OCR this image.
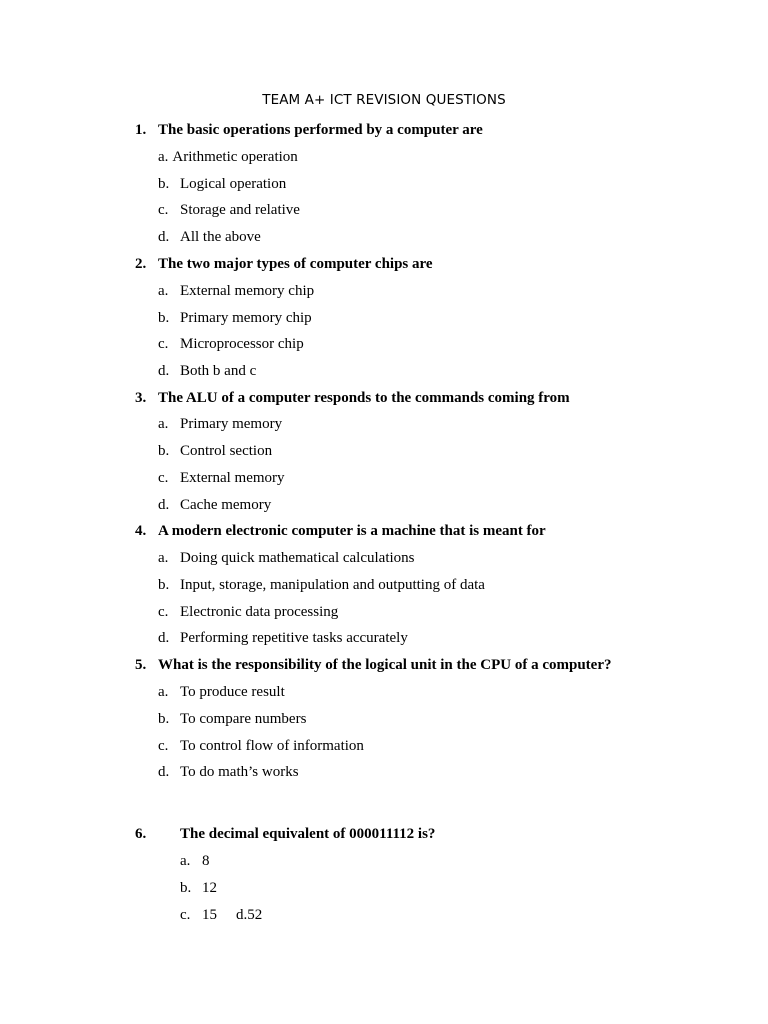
TEAM A+ ICT REVISION QUESTIONS
1. The basic operations performed by a computer are
a. Arithmetic operation
b. Logical operation
c. Storage and relative
d. All the above
2. The two major types of computer chips are
a. External memory chip
b. Primary memory chip
c. Microprocessor chip
d. Both b and c
3. The ALU of a computer responds to the commands coming from
a. Primary memory
b. Control section
c. External memory
d. Cache memory
4. A modern electronic computer is a machine that is meant for
a. Doing quick mathematical calculations
b. Input, storage, manipulation and outputting of data
c. Electronic data processing
d. Performing repetitive tasks accurately
5. What is the responsibility of the logical unit in the CPU of a computer?
a. To produce result
b. To compare numbers
c. To control flow of information
d. To do math’s works
6. The decimal equivalent of 000011112 is?
a. 8
b. 12
c. 15 d.52
